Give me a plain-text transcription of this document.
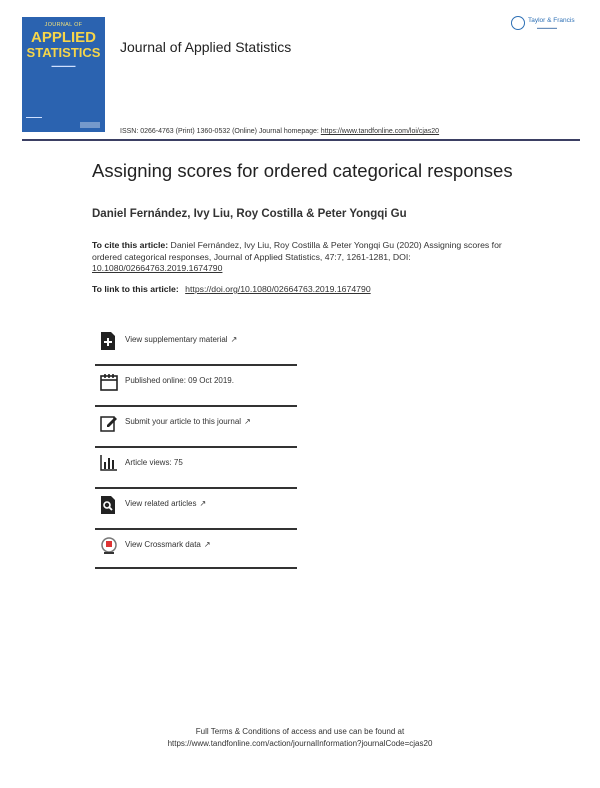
JOURNAL OF
APPLIED
STATISTICS
▬▬▬▬▬▬
Journal of Applied Statistics
Taylor & Francis
▬▬▬▬▬
ISSN: 0266-4763 (Print) 1360-0532 (Online) Journal homepage: https://www.tandfonline.com/loi/cjas20
Assigning scores for ordered categorical responses
Daniel Fernández, Ivy Liu, Roy Costilla & Peter Yongqi Gu
To cite this article: Daniel Fernández, Ivy Liu, Roy Costilla & Peter Yongqi Gu (2020) Assigning scores for ordered categorical responses, Journal of Applied Statistics, 47:7, 1261-1281, DOI: 10.1080/02664763.2019.1674790
To link to this article: https://doi.org/10.1080/02664763.2019.1674790
View supplementary material ↗
Published online: 09 Oct 2019.
Submit your article to this journal ↗
Article views: 75
View related articles ↗
View Crossmark data ↗
Full Terms & Conditions of access and use can be found at
https://www.tandfonline.com/action/journalInformation?journalCode=cjas20
